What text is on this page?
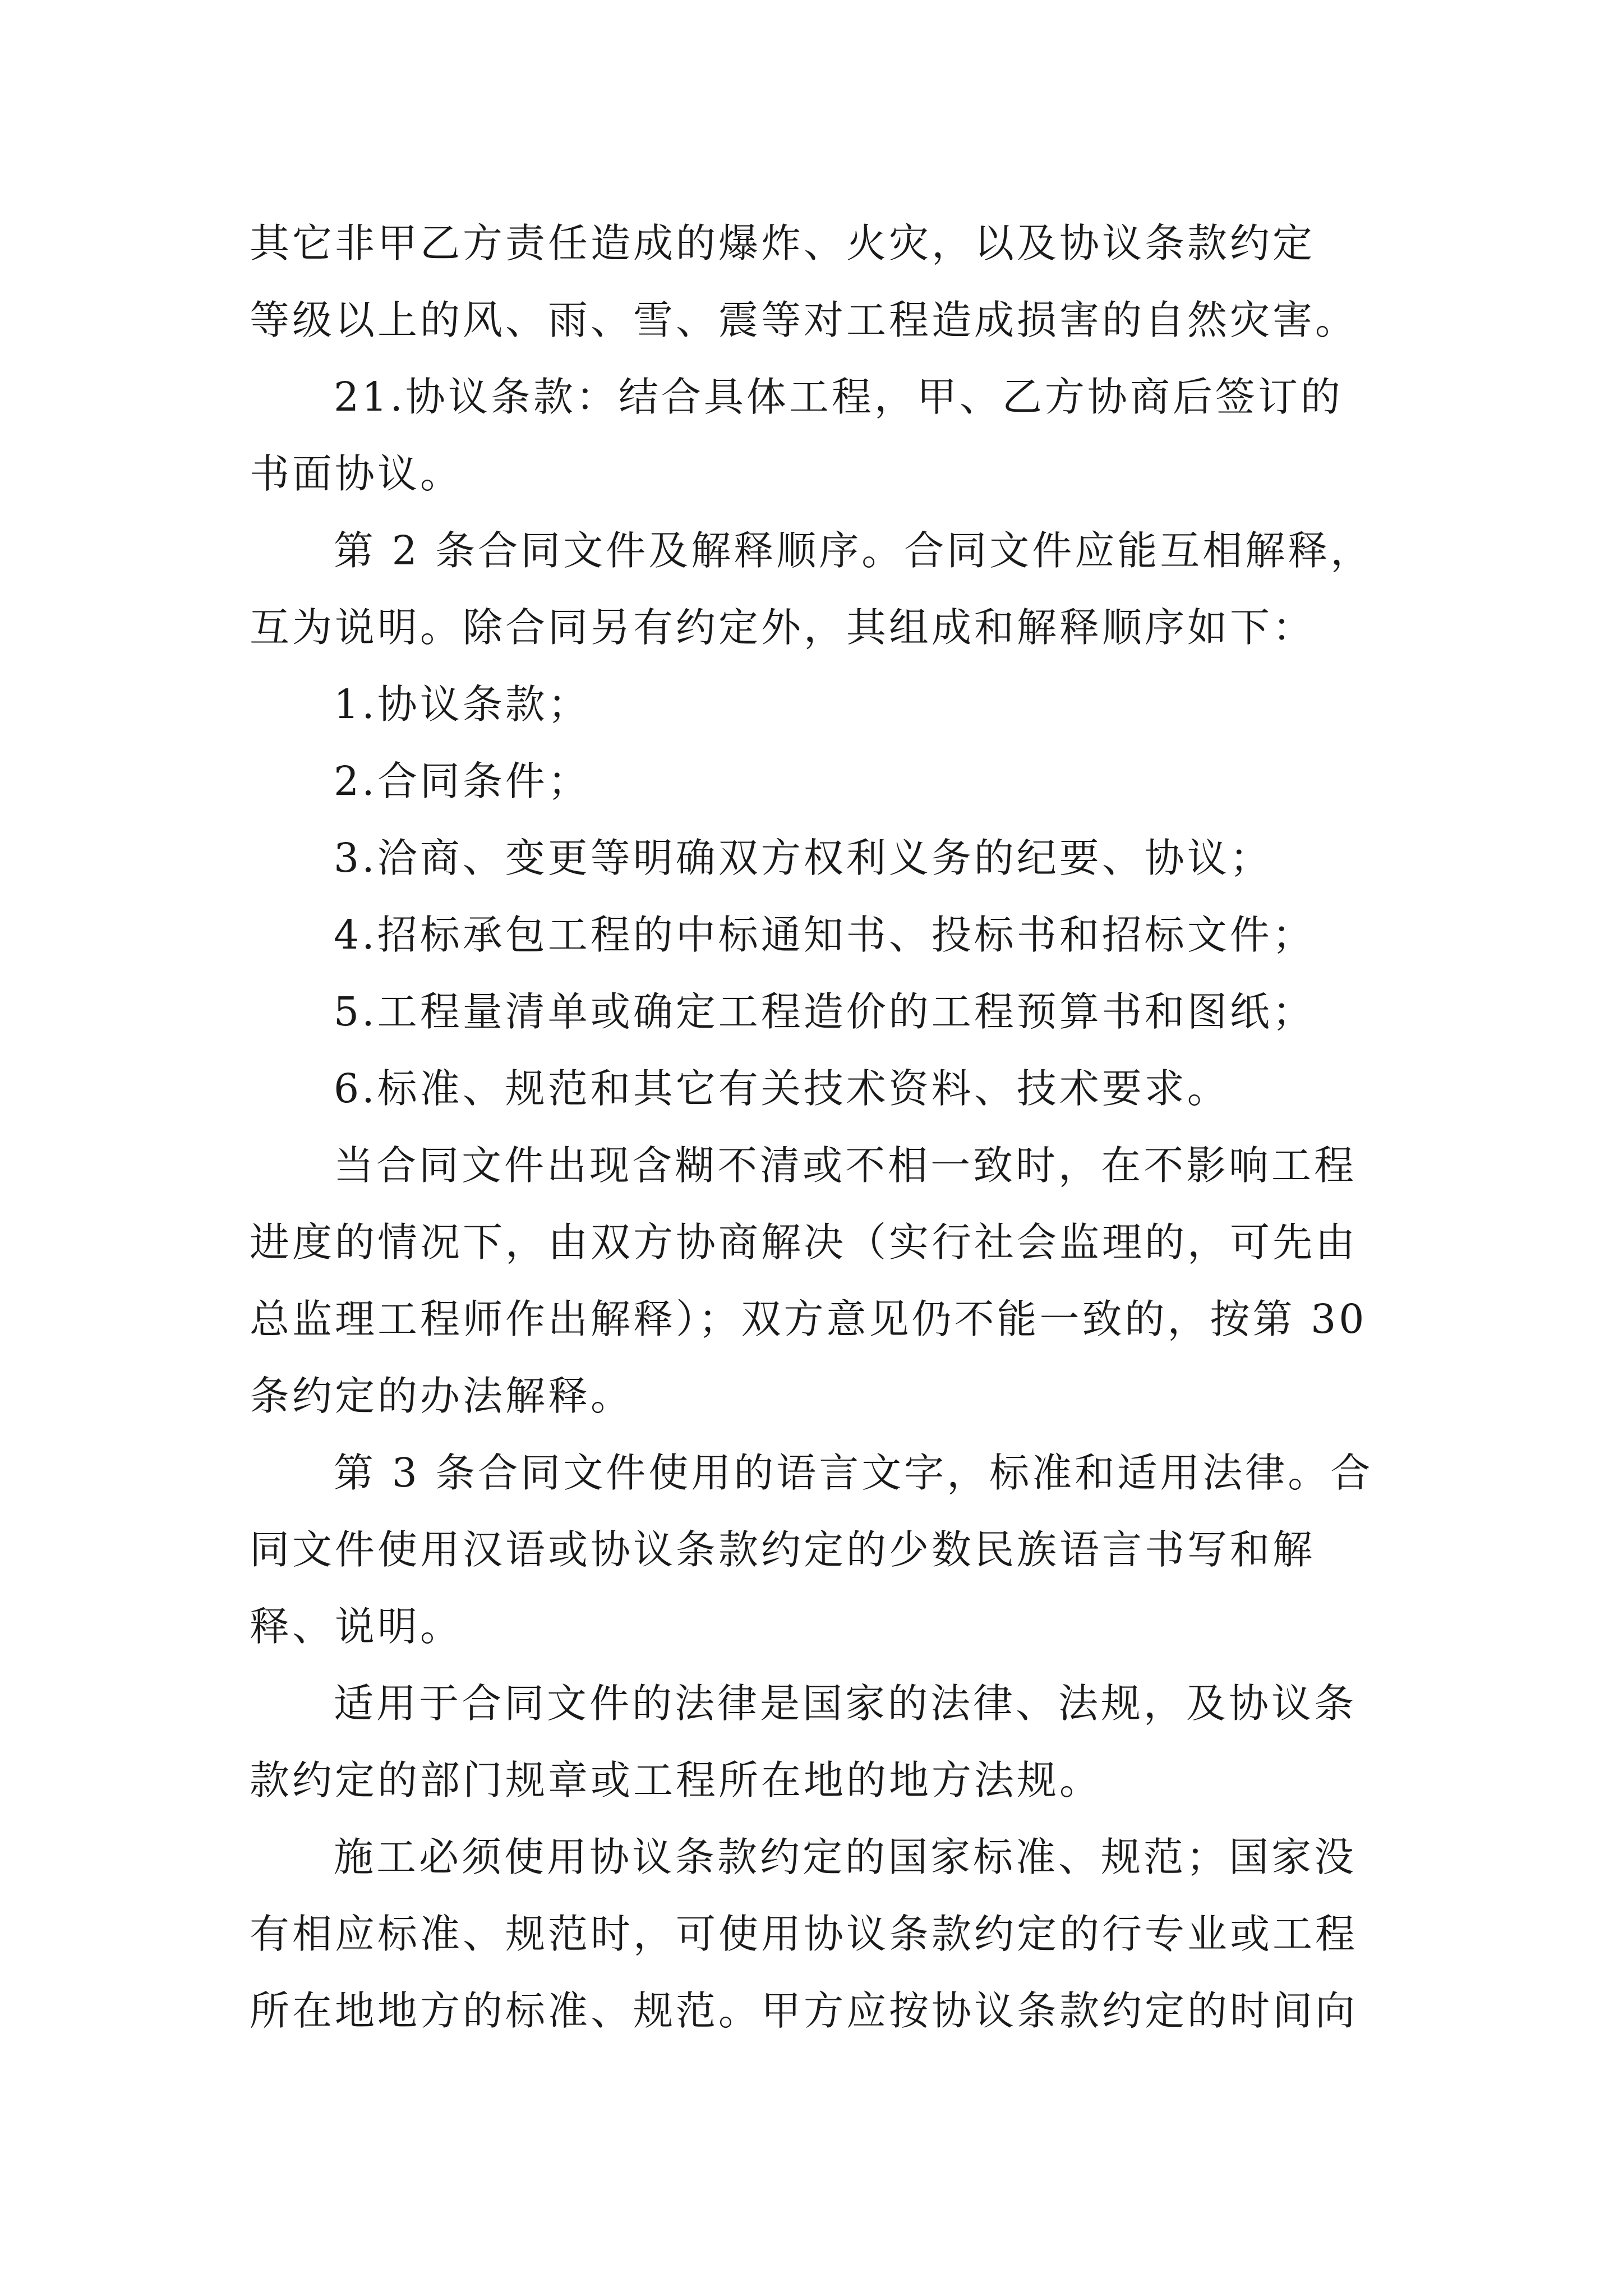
其它非甲乙方责任造成的爆炸、火灾，以及协议条款约定
等级以上的风、雨、雪、震等对工程造成损害的自然灾害。
21.协议条款：结合具体工程，甲、乙方协商后签订的
书面协议。
第 2 条合同文件及解释顺序。合同文件应能互相解释，
互为说明。除合同另有约定外，其组成和解释顺序如下：
1.协议条款；
2.合同条件；
3.洽商、变更等明确双方权利义务的纪要、协议；
4.招标承包工程的中标通知书、投标书和招标文件；
5.工程量清单或确定工程造价的工程预算书和图纸；
6.标准、规范和其它有关技术资料、技术要求。
当合同文件出现含糊不清或不相一致时，在不影响工程
进度的情况下，由双方协商解决（实行社会监理的，可先由
总监理工程师作出解释）；双方意见仍不能一致的，按第 30
条约定的办法解释。
第 3 条合同文件使用的语言文字，标准和适用法律。合
同文件使用汉语或协议条款约定的少数民族语言书写和解
释、说明。
适用于合同文件的法律是国家的法律、法规，及协议条
款约定的部门规章或工程所在地的地方法规。
施工必须使用协议条款约定的国家标准、规范；国家没
有相应标准、规范时，可使用协议条款约定的行专业或工程
所在地地方的标准、规范。甲方应按协议条款约定的时间向
